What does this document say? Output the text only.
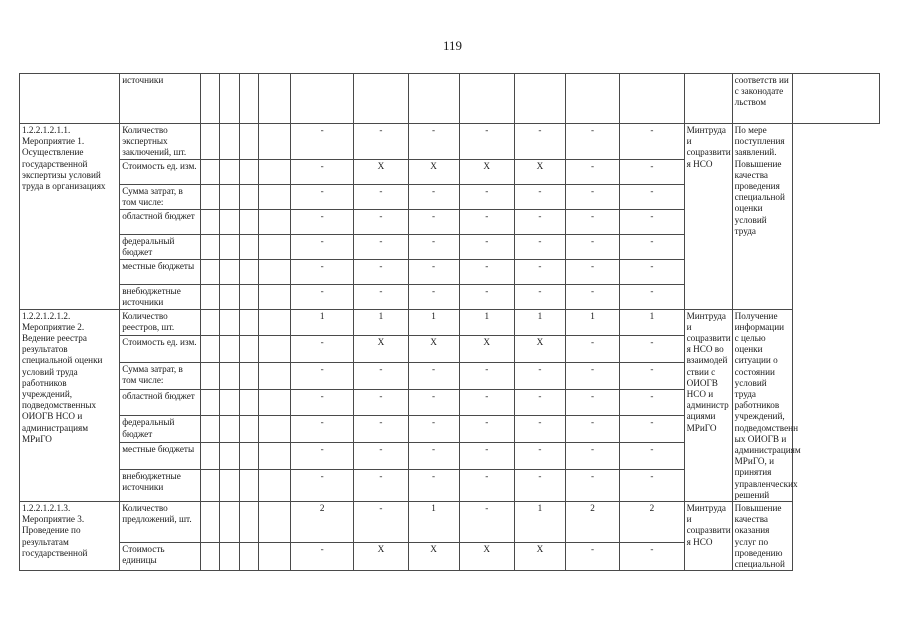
119
	источники													соответств ии с законодате льством	
1.2.2.1.2.1.1. Мероприятие 1. Осуществление государственной экспертизы условий труда в организациях	Количество экспертных заключений, шт.					-	-	-	-	-	-	-	Минтруда и соцразвити я НСО	По мере поступления заявлений. Повышение качества проведения специальной оценки условий труда	
	Стоимость ед. изм.					-	Х	Х	Х	Х	-	-			
	Сумма затрат, в том числе:					-	-	-	-	-	-	-			
	областной бюджет					-	-	-	-	-	-	-			
	федеральный бюджет					-	-	-	-	-	-	-			
	местные бюджеты					-	-	-	-	-	-	-			
	внебюджетные источники					-	-	-	-	-	-	-			
1.2.2.1.2.1.2. Мероприятие 2. Ведение реестра результатов специальной оценки условий труда работников учреждений, подведомственных ОИОГВ НСО и администрациям МРиГО	Количество реестров, шт.					1	1	1	1	1	1	1	Минтруда и соцразвити я НСО во взаимодей ствии с ОИОГВ НСО и администр ациями МРиГО	Получение информации с целью оценки ситуации о состоянии условий труда работников учреждений, подведомственн ых ОИОГВ и администрациям МРиГО, и принятия управленческих решений	
	Стоимость ед. изм.					-	Х	Х	Х	Х	-	-			
	Сумма затрат, в том числе:					-	-	-	-	-	-	-			
	областной бюджет					-	-	-	-	-	-	-			
	федеральный бюджет					-	-	-	-	-	-	-			
	местные бюджеты					-	-	-	-	-	-	-			
	внебюджетные источники					-	-	-	-	-	-	-			
1.2.2.1.2.1.3. Мероприятие 3. Проведение по результатам государственной	Количество предложений, шт.					2	-	1	-	1	2	2	Минтруда и соцразвити я НСО	Повышение качества оказания услуг по проведению специальной	
	Стоимость единицы					-	Х	Х	Х	Х	-	-			
